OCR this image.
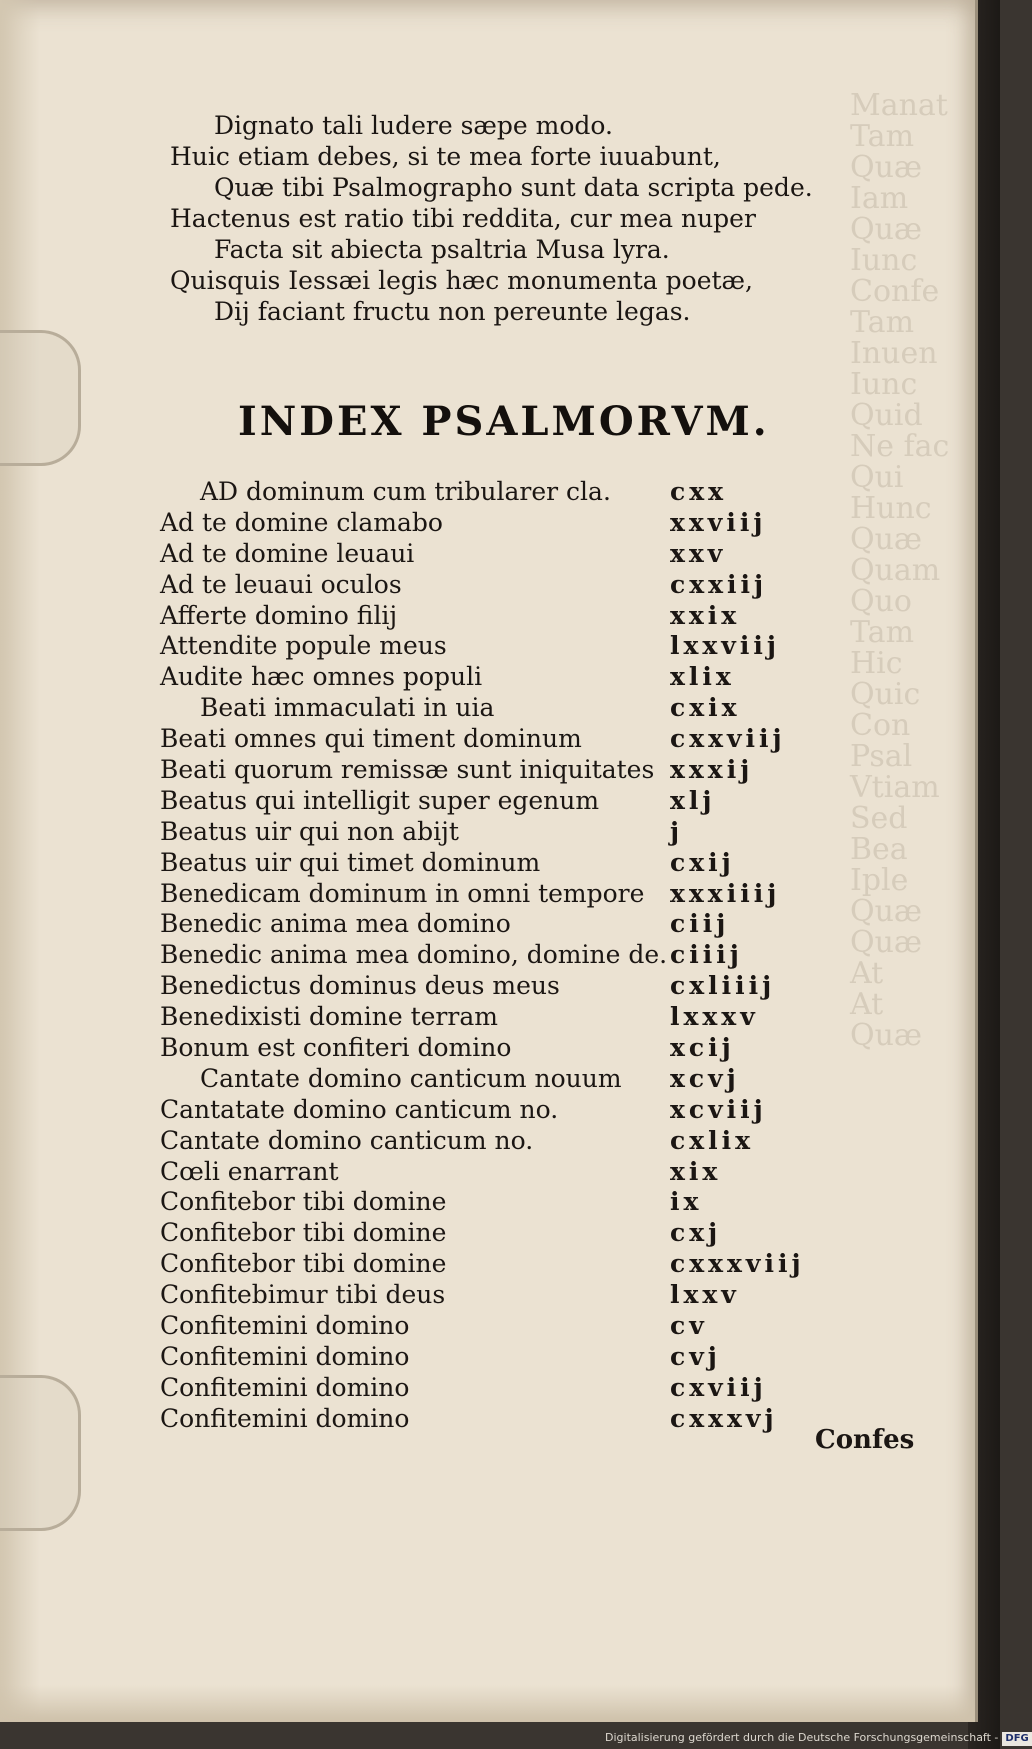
Manat
Tam
Quæ
Iam
Quæ
Iunc
Confe
Tam
Inuen
Iunc
Quid
Ne fac
Qui
Hunc
Quæ
Quam
Quo
Tam
Hic
Quic
Con
Psal
Vtiam
Sed
Bea
Iple
Quæ
Quæ
At
At
Quæ
Dignato tali ludere sæpe modo.
Huic etiam debes, si te mea forte iuuabunt,
Quæ tibi Psalmographo sunt data scripta pede.
Hactenus est ratio tibi reddita, cur mea nuper
Facta sit abiecta psaltria Musa lyra.
Quisquis Iessæi legis hæc monumenta poetæ,
Dij faciant fructu non pereunte legas.
INDEX PSALMORVM.
AD dominum cum tribularer cla. cxx
Ad te domine clamabo	xxviij
Ad te domine leuaui	xxv
Ad te leuaui oculos	cxxiij
Afferte domino filij	xxix
Attendite popule meus	lxxviij
Audite hæc omnes populi	xlix
Beati immaculati in uia	cxix
Beati omnes qui timent dominum	cxxviij
Beati quorum remissæ sunt iniquitates xxxij
Beatus qui intelligit super egenum	xlj
Beatus uir qui non abijt	j
Beatus uir qui timet dominum	cxij
Benedicam dominum in omni tempore xxxiiij
Benedic anima mea domino	ciij
Benedic anima mea domino, domine de. ciiij
Benedictus dominus deus meus	cxliiij
Benedixisti domine terram	lxxxv
Bonum est confiteri domino	xcij
Cantate domino canticum nouum xcvj
Cantatate domino canticum no.	xcviij
Cantate domino canticum no.	cxlix
Cœli enarrant	xix
Confitebor tibi domine	ix
Confitebor tibi domine	cxj
Confitebor tibi domine	cxxxviij
Confitebimur tibi deus	lxxv
Confitemini domino	cv
Confitemini domino	cvj
Confitemini domino	cxviij
Confitemini domino	cxxxvj
Confes
Digitalisierung gefördert durch die Deutsche Forschungsgemeinschaft - DFG
